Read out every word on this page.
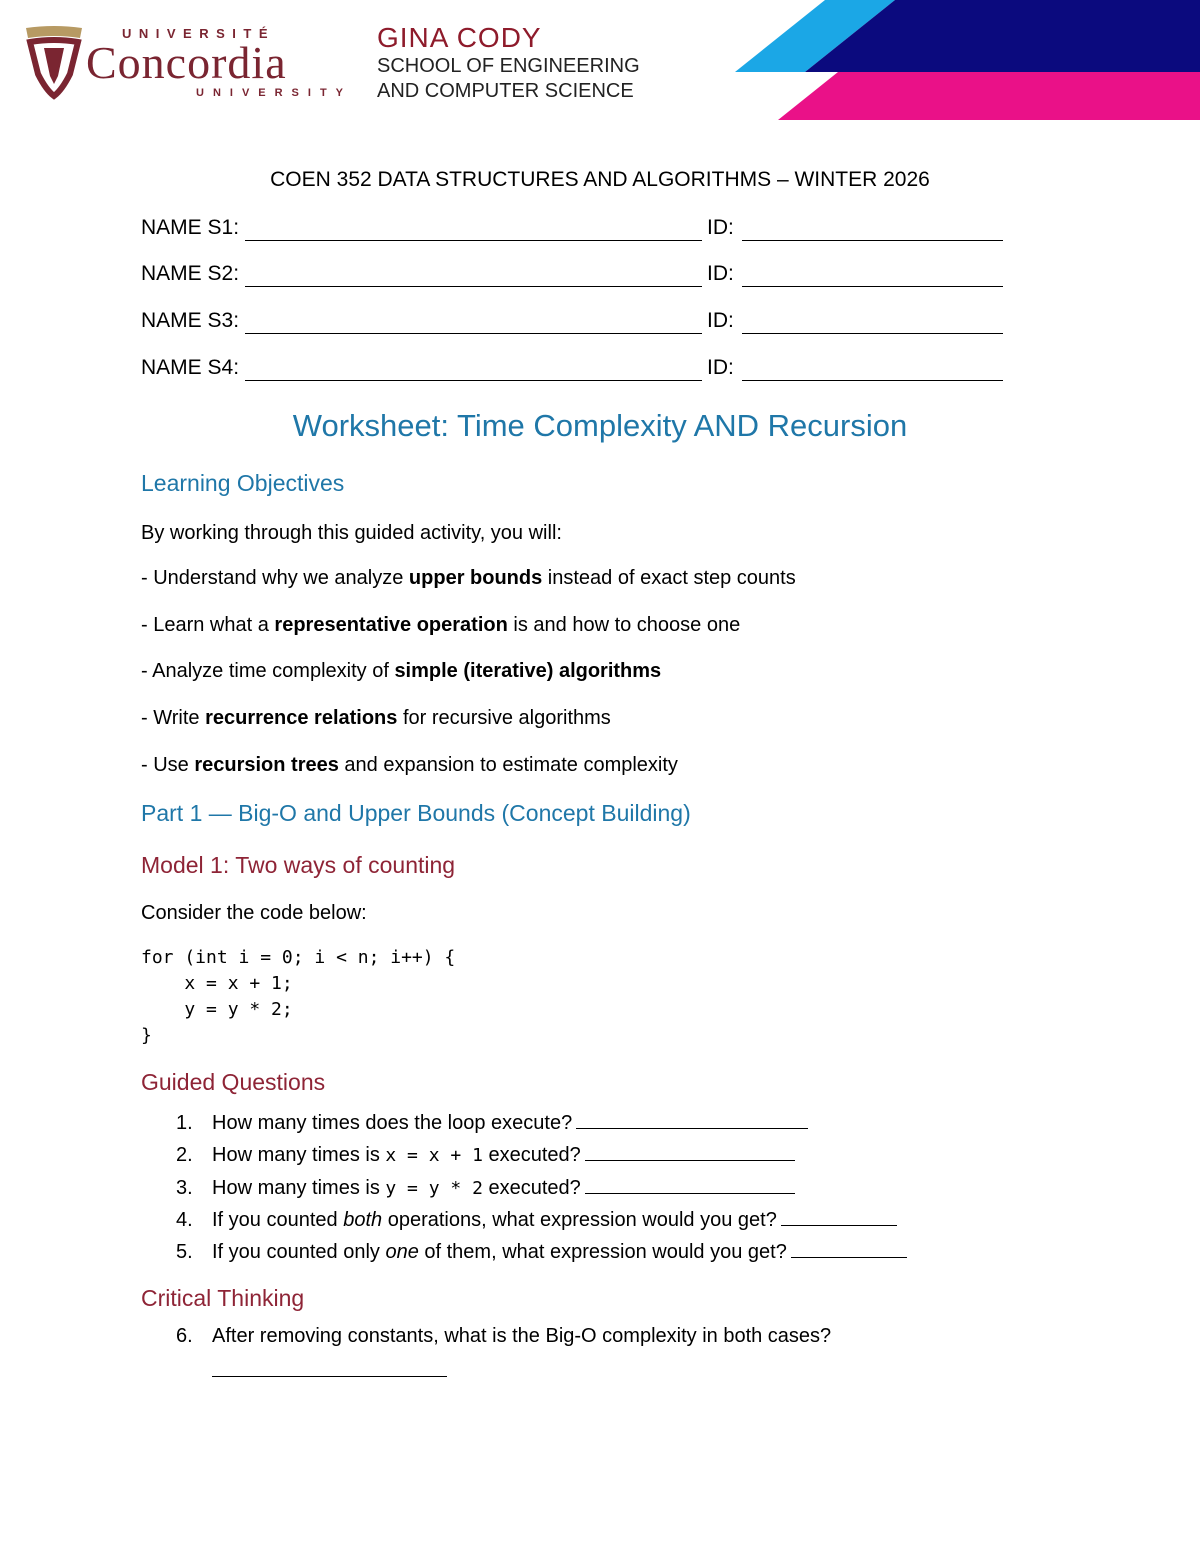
UNIVERSITÉ
Concordia
UNIVERSITY
GINA CODY
SCHOOL OF ENGINEERING
AND COMPUTER SCIENCE
COEN 352 DATA STRUCTURES AND ALGORITHMS – WINTER 2026
NAME S1:	ID:
NAME S2:	ID:
NAME S3:	ID:
NAME S4:	ID:
Worksheet: Time Complexity AND Recursion
Learning Objectives
By working through this guided activity, you will:
- Understand why we analyze upper bounds instead of exact step counts
- Learn what a representative operation is and how to choose one
- Analyze time complexity of simple (iterative) algorithms
- Write recurrence relations for recursive algorithms
- Use recursion trees and expansion to estimate complexity
Part 1 — Big-O and Upper Bounds (Concept Building)
Model 1: Two ways of counting
Consider the code below:
for (int i = 0; i < n; i++) {
x = x + 1;
y = y * 2;
}
Guided Questions
1. How many times does the loop execute?
2. How many times is x = x + 1 executed?
3. How many times is y = y * 2 executed?
4. If you counted both operations, what expression would you get?
5. If you counted only one of them, what expression would you get?
Critical Thinking
6. After removing constants, what is the Big-O complexity in both cases?
